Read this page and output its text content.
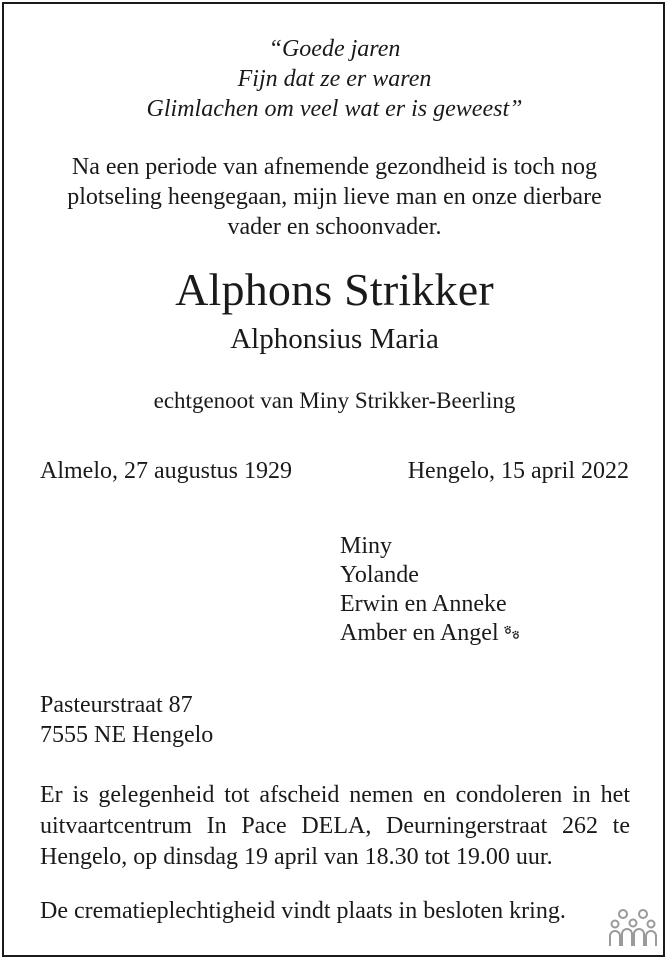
“Goede jaren
Fijn dat ze er waren
Glimlachen om veel wat er is geweest”
Na een periode van afnemende gezondheid is toch nog
plotseling heengegaan, mijn lieve man en onze dierbare
vader en schoonvader.
Alphons Strikker
Alphonsius Maria
echtgenoot van Miny Strikker-Beerling
Almelo, 27 augustus 1929	Hengelo, 15 april 2022
Miny
Yolande
Erwin en Anneke
Amber en Angel
Pasteurstraat 87
7555 NE Hengelo
Er is gelegenheid tot afscheid nemen en condoleren in het uitvaartcentrum In Pace DELA, Deurningerstraat 262 te Hengelo, op dinsdag 19 april van 18.30 tot 19.00 uur.
De crematieplechtigheid vindt plaats in besloten kring.
